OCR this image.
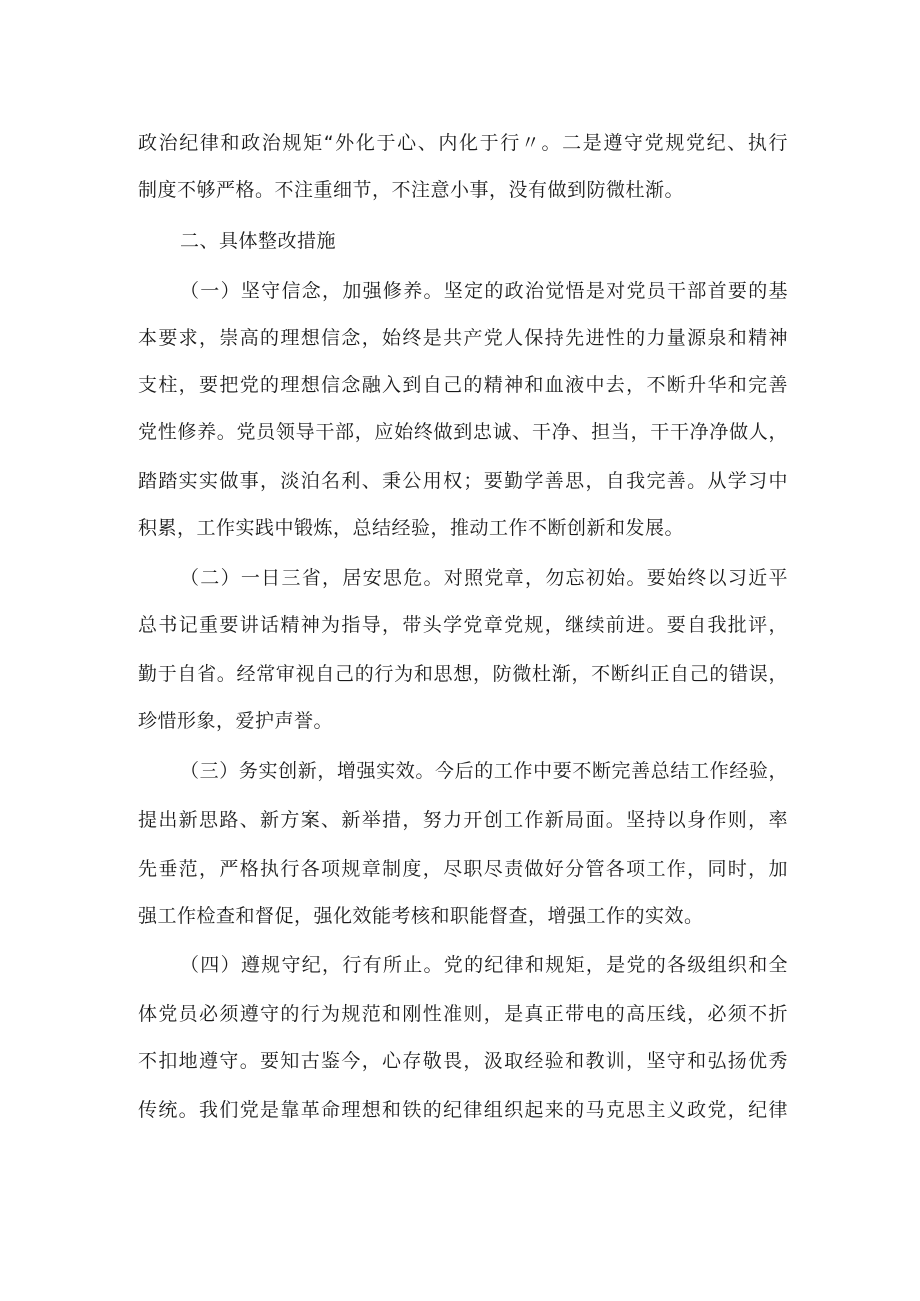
政治纪律和政治规矩“外化于心、内化于行〃。二是遵守党规党纪、执行
制度不够严格。不注重细节，不注意小事，没有做到防微杜渐。
二、具体整改措施
（一）坚守信念，加强修养。坚定的政治觉悟是对党员干部首要的基
本要求，崇高的理想信念，始终是共产党人保持先进性的力量源泉和精神
支柱，要把党的理想信念融入到自己的精神和血液中去，不断升华和完善
党性修养。党员领导干部，应始终做到忠诚、干净、担当，干干净净做人，
踏踏实实做事，淡泊名利、秉公用权；要勤学善思，自我完善。从学习中
积累，工作实践中锻炼，总结经验，推动工作不断创新和发展。
（二）一日三省，居安思危。对照党章，勿忘初始。要始终以习近平
总书记重要讲话精神为指导，带头学党章党规，继续前进。要自我批评，
勤于自省。经常审视自己的行为和思想，防微杜渐，不断纠正自己的错误，
珍惜形象，爱护声誉。
（三）务实创新，增强实效。今后的工作中要不断完善总结工作经验，
提出新思路、新方案、新举措，努力开创工作新局面。坚持以身作则，率
先垂范，严格执行各项规章制度，尽职尽责做好分管各项工作，同时，加
强工作检查和督促，强化效能考核和职能督查，增强工作的实效。
（四）遵规守纪，行有所止。党的纪律和规矩，是党的各级组织和全
体党员必须遵守的行为规范和刚性准则，是真正带电的高压线，必须不折
不扣地遵守。要知古鉴今，心存敬畏，汲取经验和教训，坚守和弘扬优秀
传统。我们党是靠革命理想和铁的纪律组织起来的马克思主义政党，纪律
